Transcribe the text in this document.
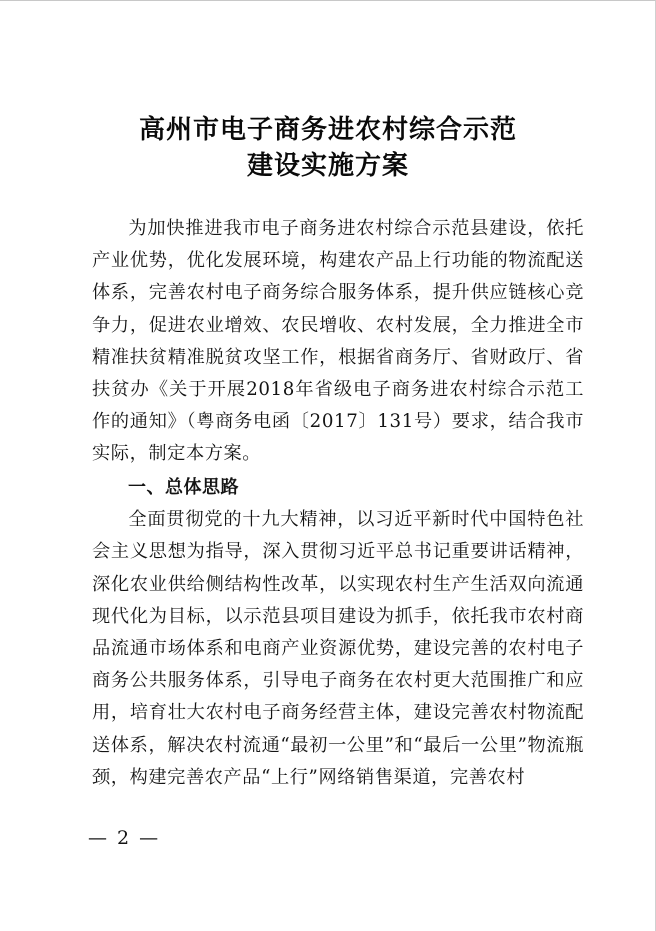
高州市电子商务进农村综合示范
建设实施方案

为加快推进我市电子商务进农村综合示范县建设，依托产业优势，优化发展环境，构建农产品上行功能的物流配送体系，完善农村电子商务综合服务体系，提升供应链核心竞争力，促进农业增效、农民增收、农村发展，全力推进全市精准扶贫精准脱贫攻坚工作，根据省商务厅、省财政厅、省扶贫办《关于开展2018年省级电子商务进农村综合示范工作的通知》（粤商务电函〔2017〕131号）要求，结合我市实际，制定本方案。

一、总体思路

全面贯彻党的十九大精神，以习近平新时代中国特色社会主义思想为指导，深入贯彻习近平总书记重要讲话精神，深化农业供给侧结构性改革，以实现农村生产生活双向流通现代化为目标，以示范县项目建设为抓手，依托我市农村商品流通市场体系和电商产业资源优势，建设完善的农村电子商务公共服务体系，引导电子商务在农村更大范围推广和应用，培育壮大农村电子商务经营主体，建设完善农村物流配送体系，解决农村流通“最初一公里”和“最后一公里”物流瓶颈，构建完善农产品“上行”网络销售渠道，完善农村

— 2 —
